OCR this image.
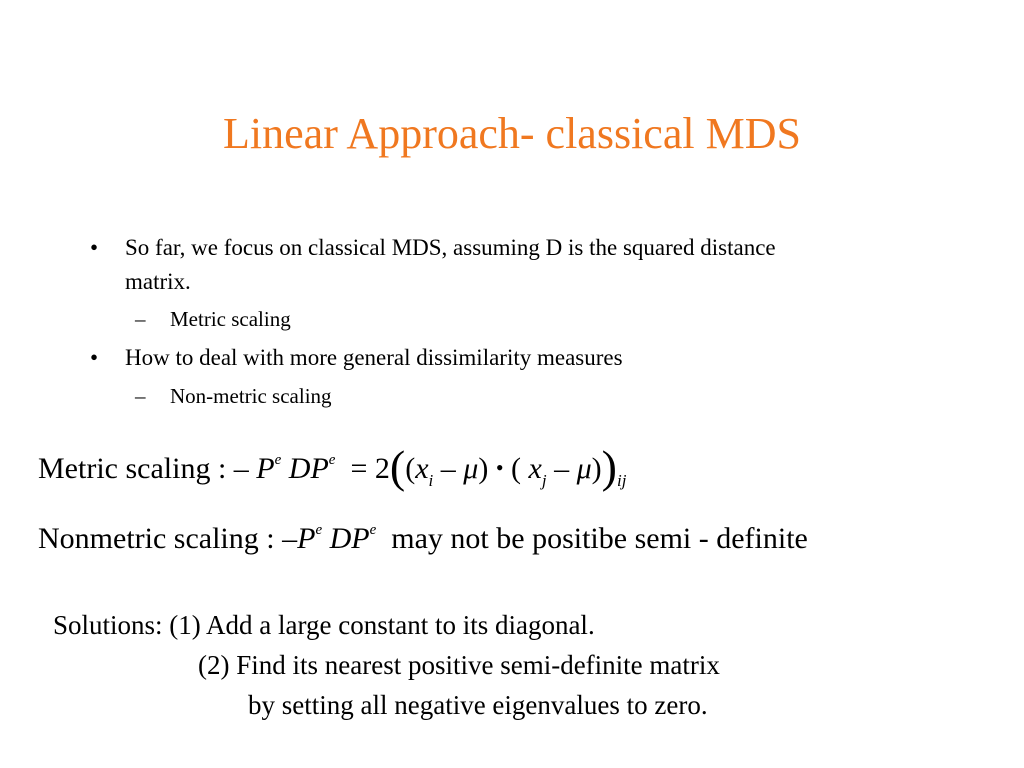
Linear Approach- classical MDS
• So far, we focus on classical MDS, assuming D is the squared distance
matrix.
– Metric scaling
• How to deal with more general dissimilarity measures
– Non-metric scaling
Metric scaling : – $P^e$ $DP^e = 2((x_i - \mu)$ • ( $x_j - \mu))_{ij}$
Nonmetric scaling : $-P^e$ $DP^e$ may not be positibe semi - definite
Solutions: (1) Add a large constant to its diagonal.
(2) Find its nearest positive semi-definite matrix
by setting all negative eigenvalues to zero.
